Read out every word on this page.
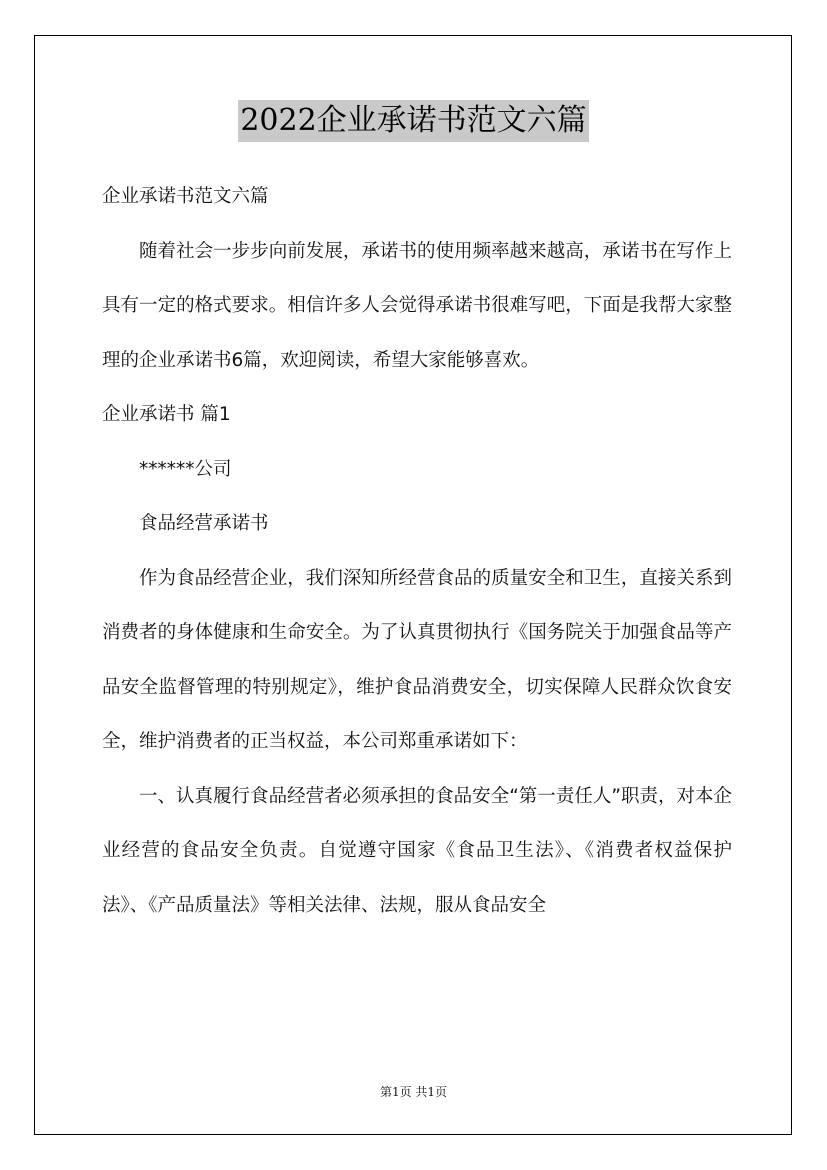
2022企业承诺书范文六篇

企业承诺书范文六篇

随着社会一步步向前发展，承诺书的使用频率越来越高，承诺书在写作上具有一定的格式要求。相信许多人会觉得承诺书很难写吧，下面是我帮大家整理的企业承诺书6篇，欢迎阅读，希望大家能够喜欢。

企业承诺书 篇1

******公司

食品经营承诺书

作为食品经营企业，我们深知所经营食品的质量安全和卫生，直接关系到消费者的身体健康和生命安全。为了认真贯彻执行《国务院关于加强食品等产品安全监督管理的特别规定》，维护食品消费安全，切实保障人民群众饮食安全，维护消费者的正当权益，本公司郑重承诺如下：

一、认真履行食品经营者必须承担的食品安全“第一责任人”职责，对本企业经营的食品安全负责。自觉遵守国家《食品卫生法》、《消费者权益保护法》、《产品质量法》等相关法律、法规，服从食品安全

第1页 共1页
